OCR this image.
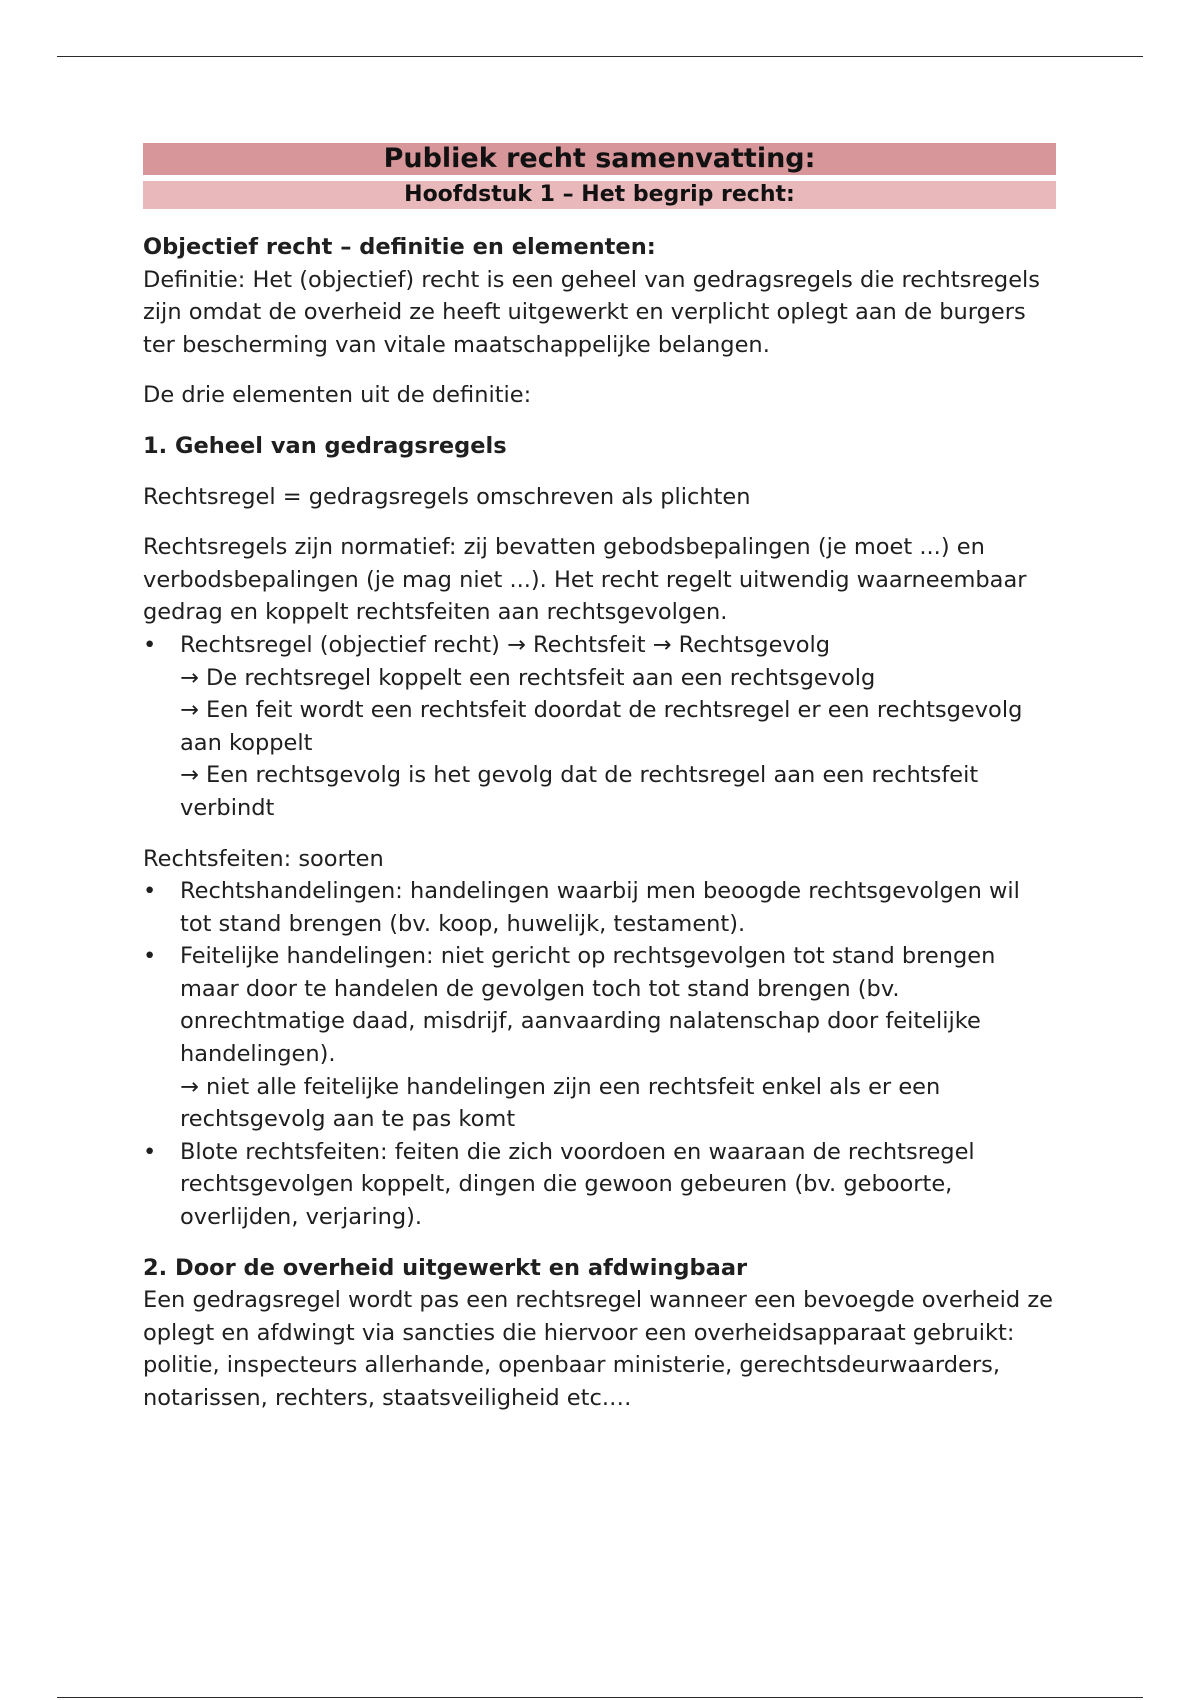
Publiek recht samenvatting:
Hoofdstuk 1 – Het begrip recht:

Objectief recht – definitie en elementen:

Definitie: Het (objectief) recht is een geheel van gedragsregels die rechtsregels zijn omdat de overheid ze heeft uitgewerkt en verplicht oplegt aan de burgers ter bescherming van vitale maatschappelijke belangen.

De drie elementen uit de definitie:

1. Geheel van gedragsregels

Rechtsregel = gedragsregels omschreven als plichten

Rechtsregels zijn normatief: zij bevatten gebodsbepalingen (je moet ...) en verbodsbepalingen (je mag niet ...). Het recht regelt uitwendig waarneembaar gedrag en koppelt rechtsfeiten aan rechtsgevolgen.

•	Rechtsregel (objectief recht) → Rechtsfeit → Rechtsgevolg
→ De rechtsregel koppelt een rechtsfeit aan een rechtsgevolg
→ Een feit wordt een rechtsfeit doordat de rechtsregel er een rechtsgevolg aan koppelt
→ Een rechtsgevolg is het gevolg dat de rechtsregel aan een rechtsfeit verbindt

Rechtsfeiten: soorten

•	Rechtshandelingen: handelingen waarbij men beoogde rechtsgevolgen wil tot stand brengen (bv. koop, huwelijk, testament).
•	Feitelijke handelingen: niet gericht op rechtsgevolgen tot stand brengen maar door te handelen de gevolgen toch tot stand brengen (bv. onrechtmatige daad, misdrijf, aanvaarding nalatenschap door feitelijke handelingen).
→ niet alle feitelijke handelingen zijn een rechtsfeit enkel als er een rechtsgevolg aan te pas komt
•	Blote rechtsfeiten: feiten die zich voordoen en waaraan de rechtsregel rechtsgevolgen koppelt, dingen die gewoon gebeuren (bv. geboorte, overlijden, verjaring).

2. Door de overheid uitgewerkt en afdwingbaar

Een gedragsregel wordt pas een rechtsregel wanneer een bevoegde overheid ze oplegt en afdwingt via sancties die hiervoor een overheidsapparaat gebruikt: politie, inspecteurs allerhande, openbaar ministerie, gerechtsdeurwaarders, notarissen, rechters, staatsveiligheid etc.…
